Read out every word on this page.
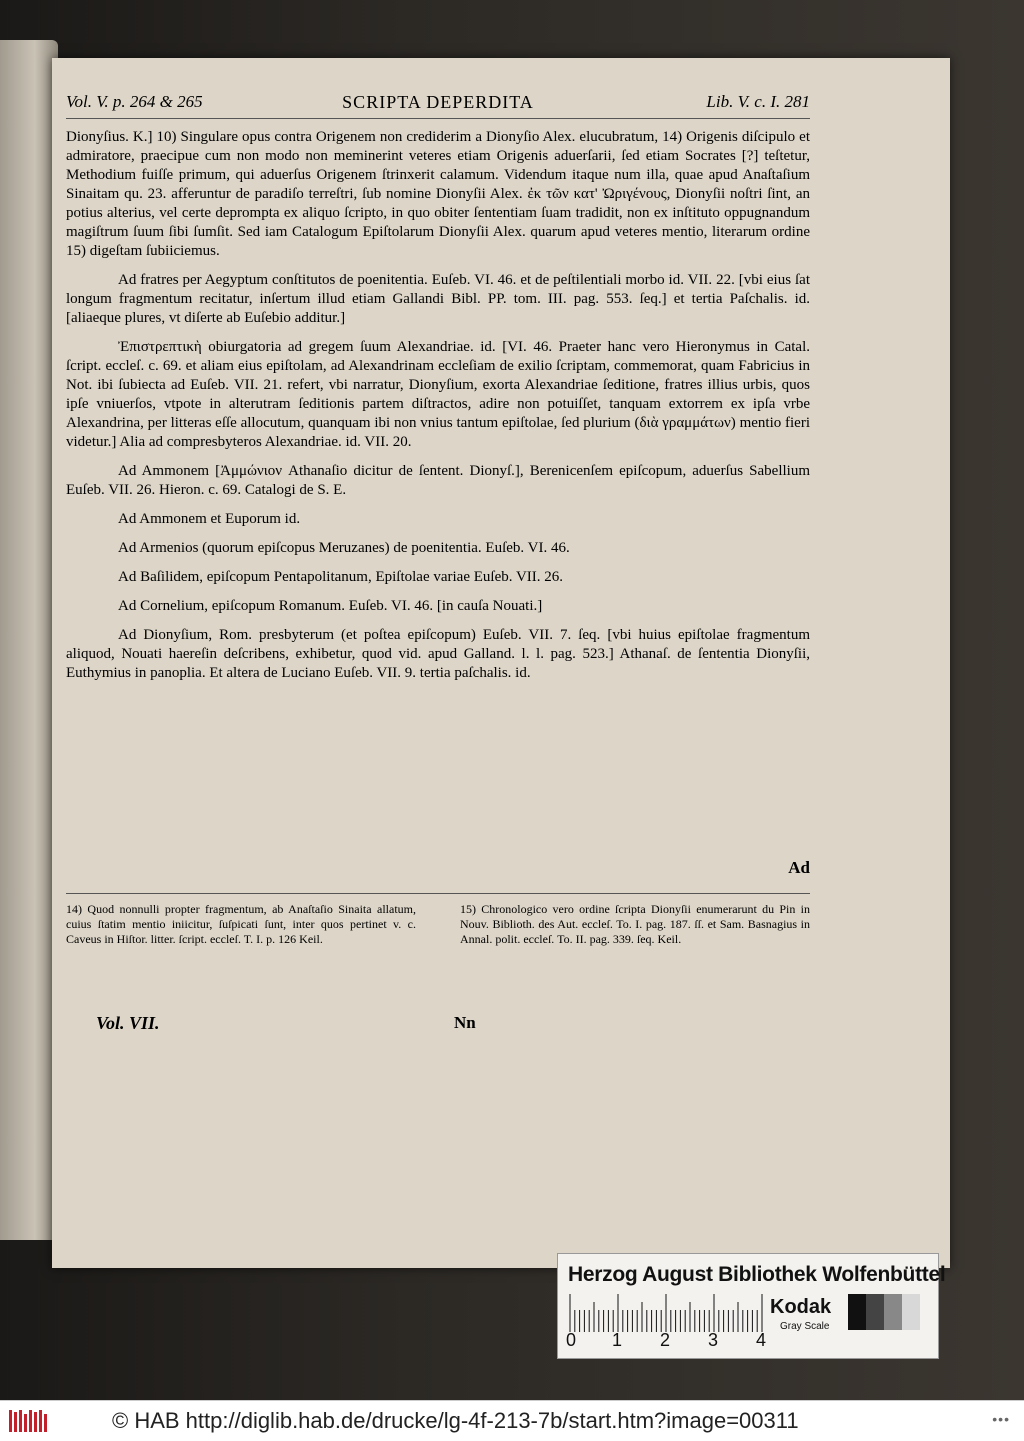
Vol. V. p. 264 & 265	SCRIPTA DEPERDITA	Lib. V. c. I. 281

Dionyſius. K.] 10) Singulare opus contra Origenem non crediderim a Dionyſio Alex. elucubratum, 14) Origenis diſcipulo et admiratore, praecipue cum non modo non meminerint veteres etiam Origenis aduerſarii, ſed etiam Socrates [?] teſtetur, Methodium fuiſſe primum, qui aduerſus Origenem ſtrinxerit calamum. Videndum itaque num illa, quae apud Anaſtaſium Sinaitam qu. 23. afferuntur de paradiſo terreſtri, ſub nomine Dionyſii Alex. ἐκ τῶν κατ' Ὠριγένους, Dionyſii noſtri ſint, an potius alterius, vel certe deprompta ex aliquo ſcripto, in quo obiter ſententiam ſuam tradidit, non ex inſtituto oppugnandum magiſtrum ſuum ſibi ſumſit. Sed iam Catalogum Epiſtolarum Dionyſii Alex. quarum apud veteres mentio, literarum ordine 15) digeſtam ſubiiciemus.

Ad fratres per Aegyptum conſtitutos de poenitentia. Euſeb. VI. 46. et de peſtilentiali morbo id. VII. 22. [vbi eius ſat longum fragmentum recitatur, inſertum illud etiam Gallandi Bibl. PP. tom. III. pag. 553. ſeq.] et tertia Paſchalis. id. [aliaeque plures, vt diſerte ab Euſebio additur.]

Ἐπιστρεπτικὴ obiurgatoria ad gregem ſuum Alexandriae. id. [VI. 46. Praeter hanc vero Hieronymus in Catal. ſcript. eccleſ. c. 69. et aliam eius epiſtolam, ad Alexandrinam eccleſiam de exilio ſcriptam, commemorat, quam Fabricius in Not. ibi ſubiecta ad Euſeb. VII. 21. refert, vbi narratur, Dionyſium, exorta Alexandriae ſeditione, fratres illius urbis, quos ipſe vniuerſos, vtpote in alterutram ſeditionis partem diſtractos, adire non potuiſſet, tanquam extorrem ex ipſa vrbe Alexandrina, per litteras eſſe allocutum, quanquam ibi non vnius tantum epiſtolae, ſed plurium (διὰ γραμμάτων) mentio fieri videtur.] Alia ad compresbyteros Alexandriae. id. VII. 20.

Ad Ammonem [Ἀμμώνιον Athanaſio dicitur de ſentent. Dionyſ.], Berenicenſem epiſcopum, aduerſus Sabellium Euſeb. VII. 26. Hieron. c. 69. Catalogi de S. E.

Ad Ammonem et Euporum id.

Ad Armenios (quorum epiſcopus Meruzanes) de poenitentia. Euſeb. VI. 46.

Ad Baſilidem, epiſcopum Pentapolitanum, Epiſtolae variae Euſeb. VII. 26.

Ad Cornelium, epiſcopum Romanum. Euſeb. VI. 46. [in cauſa Nouati.]

Ad Dionyſium, Rom. presbyterum (et poſtea epiſcopum) Euſeb. VII. 7. ſeq. [vbi huius epiſtolae fragmentum aliquod, Nouati haereſin deſcribens, exhibetur, quod vid. apud Galland. l. l. pag. 523.] Athanaſ. de ſententia Dionyſii, Euthymius in panoplia. Et altera de Luciano Euſeb. VII. 9. tertia paſchalis. id.

Ad

14) Quod nonnulli propter fragmentum, ab Anaſtaſio Sinaita allatum, cuius ſtatim mentio iniicitur, ſuſpicati ſunt, inter quos pertinet v. c. Caveus in Hiſtor. litter. ſcript. eccleſ. T. I. p. 126 Keil.

15) Chronologico vero ordine ſcripta Dionyſii enumerarunt du Pin in Nouv. Biblioth. des Aut. eccleſ. To. I. pag. 187. ſſ. et Sam. Basnagius in Annal. polit. eccleſ. To. II. pag. 339. ſeq. Keil.

Vol. VII.	Nn
Herzog August Bibliothek Wolfenbüttel
0 1 2 3 4
Kodak
Gray Scale
© HAB http://diglib.hab.de/drucke/lg-4f-213-7b/start.htm?image=00311	•••
